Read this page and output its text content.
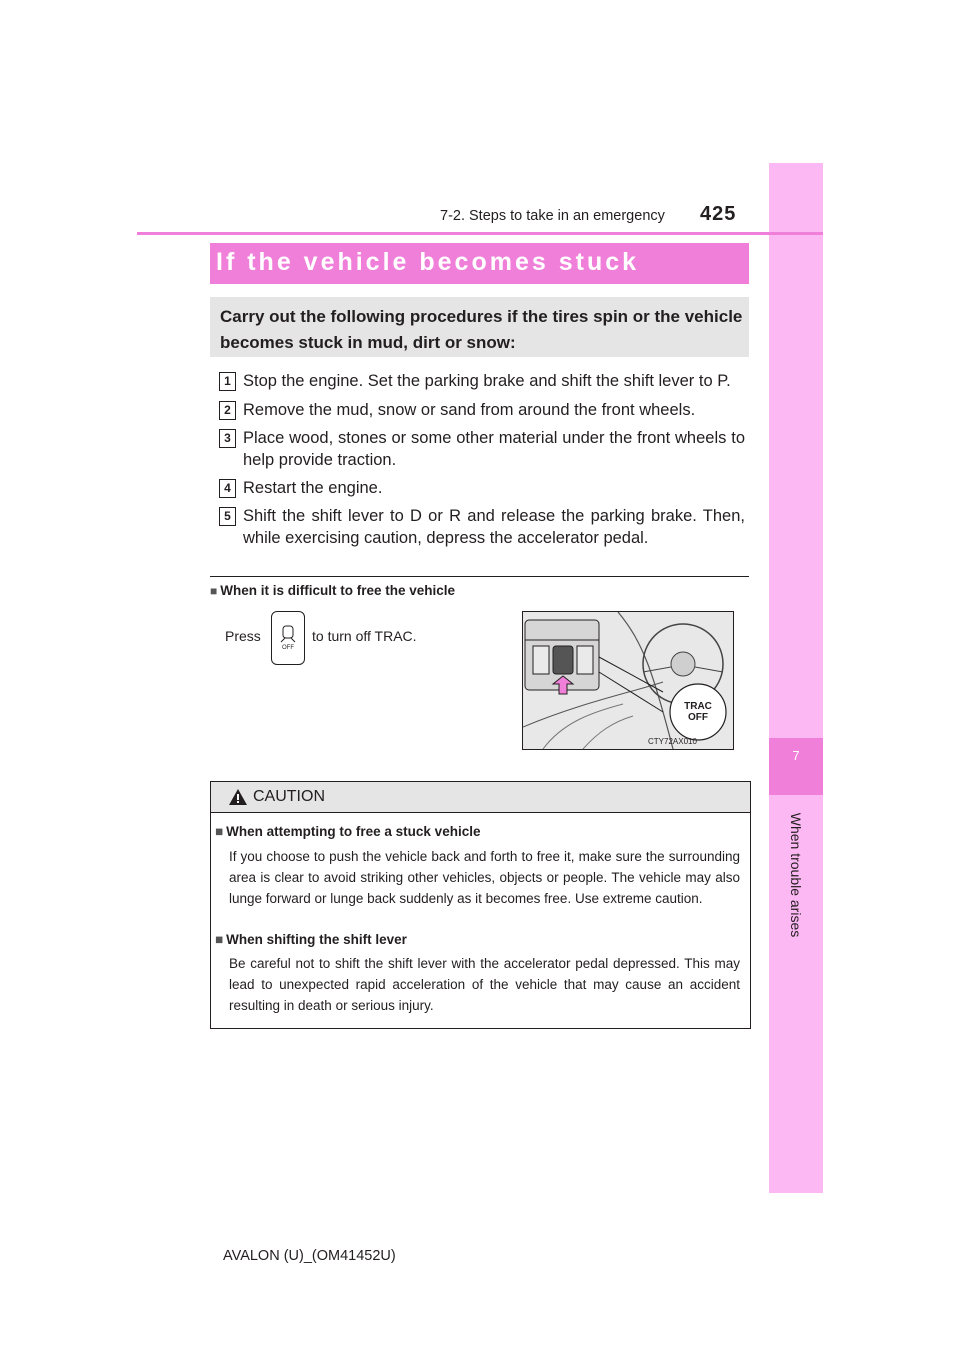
7
When trouble arises
7-2. Steps to take in an emergency 425
If the vehicle becomes stuck
Carry out the following procedures if the tires spin or the vehicle becomes stuck in mud, dirt or snow:
1 Stop the engine. Set the parking brake and shift the shift lever to P.
2 Remove the mud, snow or sand from around the front wheels.
3 Place wood, stones or some other material under the front wheels to help provide traction.
4 Restart the engine.
5 Shift the shift lever to D or R and release the parking brake. Then, while exercising caution, depress the accelerator pedal.
■ When it is difficult to free the vehicle
Press
OFF
to turn off TRAC.
TRAC
OFF
CTY72AX010
CAUTION
■ When attempting to free a stuck vehicle
If you choose to push the vehicle back and forth to free it, make sure the surrounding area is clear to avoid striking other vehicles, objects or people. The vehicle may also lunge forward or lunge back suddenly as it becomes free. Use extreme caution.
■ When shifting the shift lever
Be careful not to shift the shift lever with the accelerator pedal depressed. This may lead to unexpected rapid acceleration of the vehicle that may cause an accident resulting in death or serious injury.
AVALON (U)_(OM41452U)
